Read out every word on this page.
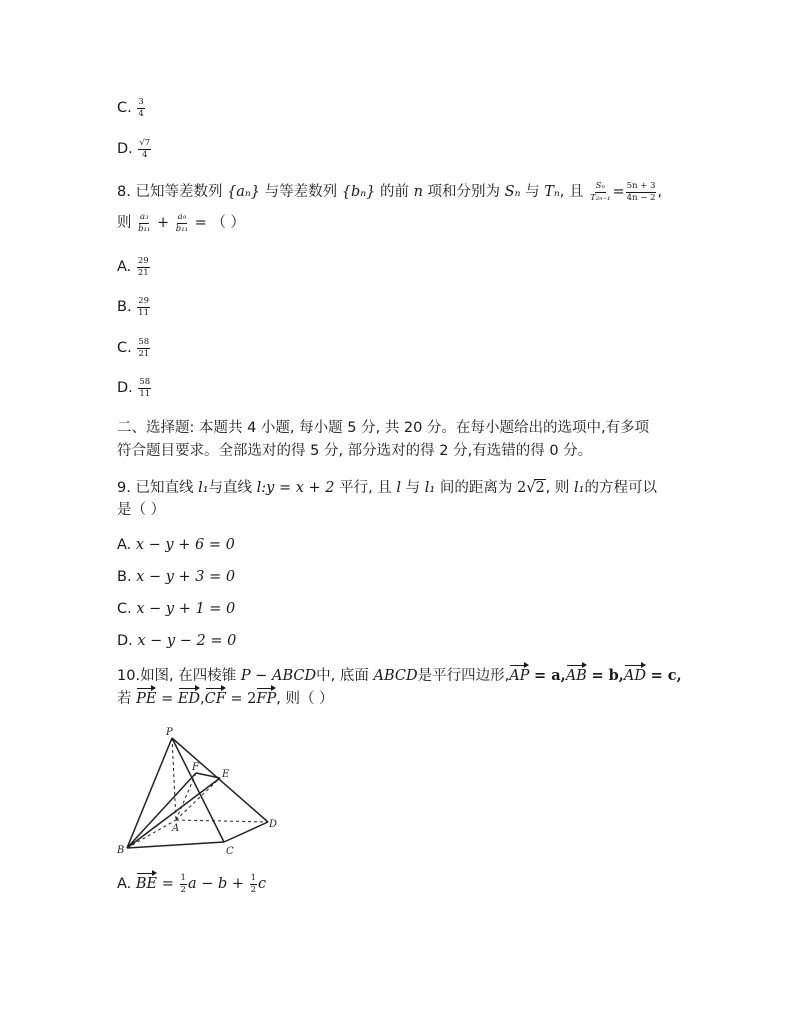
C. $\frac{3}{4}$
D. $\frac{√7}{4}$
8. 已知等差数列 {aₙ} 与等差数列 {bₙ} 的前 n 项和分别为 Sₙ 与 Tₙ, 且 $\frac{\text{Sₙ}}{\text{T₂ₙ₋₁}} = \frac{5n + 3}{4n - 2}$ ,
则 $\frac{\text{a₃}}{\text{b₁₁}} + \frac{\text{a₉}}{\text{b₁₁}}$ = （ ）
A. $\frac{29}{21}$
B. $\frac{29}{11}$
C. $\frac{58}{21}$
D. $\frac{58}{11}$
二、选择题: 本题共 4 小题, 每小题 5 分, 共 20 分。在每小题给出的选项中,有多项
符合题目要求。全部选对的得 5 分, 部分选对的得 2 分,有选错的得 0 分。
9. 已知直线 l₁与直线 l:y = x + 2 平行, 且 l 与 l₁ 间的距离为 2√2, 则 l₁的方程可以
是（ ）
A. x − y + 6 = 0
B. x − y + 3 = 0
C. x − y + 1 = 0
D. x − y − 2 = 0
10.如图, 在四棱锥 P − ABCD中, 底面 ABCD是平行四边形,AP = a,AB = b,AD = c,
若 PE = ED,CF = 2FP, 则（ ）
P
F
E
A	D
C
B
A. BE = $\frac{1}{2}$ $a - b + \frac{1}{2}$ c
